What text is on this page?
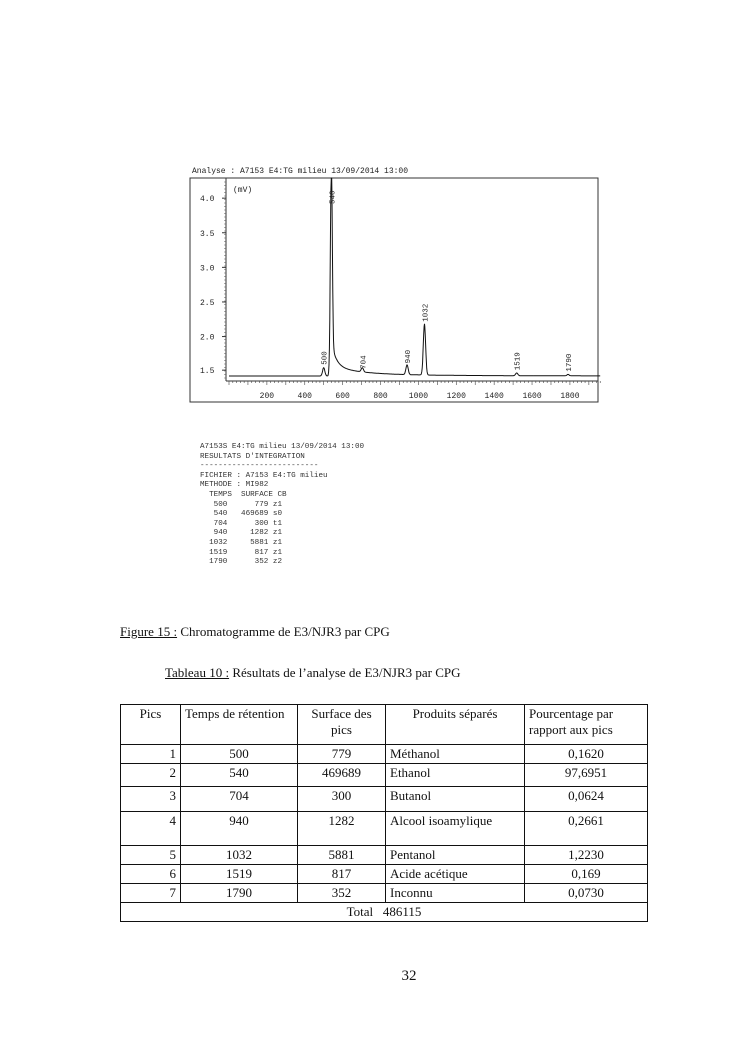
Analyse : A7153 E4:TG milieu 13/09/2014 13:00
200	400	600	800	1000 1200 1400 1600 1800
1.5
2.0
2.5
3.0
3.5
4.0
(mV)
500
540
704	940
1032
1519	1790
A7153S E4:TG milieu 13/09/2014 13:00
RESULTATS D'INTEGRATION
--------------------------
FICHIER : A7153 E4:TG milieu
METHODE : MI982
TEMPS  SURFACE CB
500      779 z1
540   469689 s0
704      300 t1
940     1282 z1
1032     5881 z1
1519      817 z1
1790      352 z2
Figure 15 : Chromatogramme de E3/NJR3 par CPG
Tableau 10 : Résultats de l’analyse de E3/NJR3 par CPG
Pics	Temps de rétention	Surface des pics	Produits séparés	Pourcentage par rapport aux pics
1	500	779	Méthanol	0,1620
2	540	469689	Ethanol	97,6951
3	704	300	Butanol	0,0624
4	940	1282	Alcool isoamylique	0,2661
5	1032	5881	Pentanol	1,2230
6	1519	817	Acide acétique	0,169
7	1790	352	Inconnu	0,0730
Total   486115				
32
